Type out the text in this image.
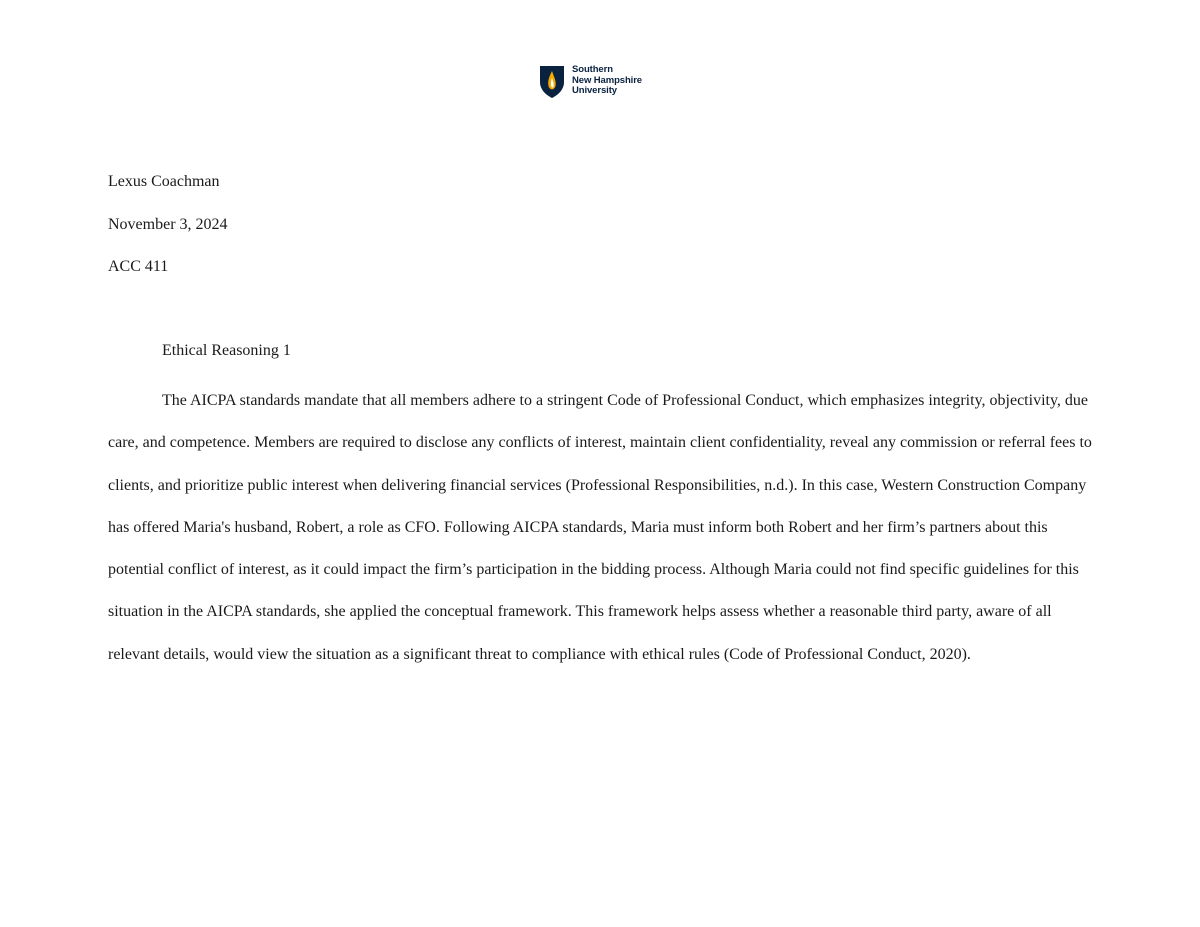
Southern
New Hampshire
University
Lexus Coachman
November 3, 2024
ACC 411
Ethical Reasoning 1

The AICPA standards mandate that all members adhere to a stringent Code of Professional Conduct, which emphasizes integrity, objectivity, due care, and competence. Members are required to disclose any conflicts of interest, maintain client confidentiality, reveal any commission or referral fees to clients, and prioritize public interest when delivering financial services (Professional Responsibilities, n.d.). In this case, Western Construction Company has offered Maria's husband, Robert, a role as CFO. Following AICPA standards, Maria must inform both Robert and her firm’s partners about this potential conflict of interest, as it could impact the firm’s participation in the bidding process. Although Maria could not find specific guidelines for this situation in the AICPA standards, she applied the conceptual framework. This framework helps assess whether a reasonable third party, aware of all relevant details, would view the situation as a significant threat to compliance with ethical rules (Code of Professional Conduct, 2020).
